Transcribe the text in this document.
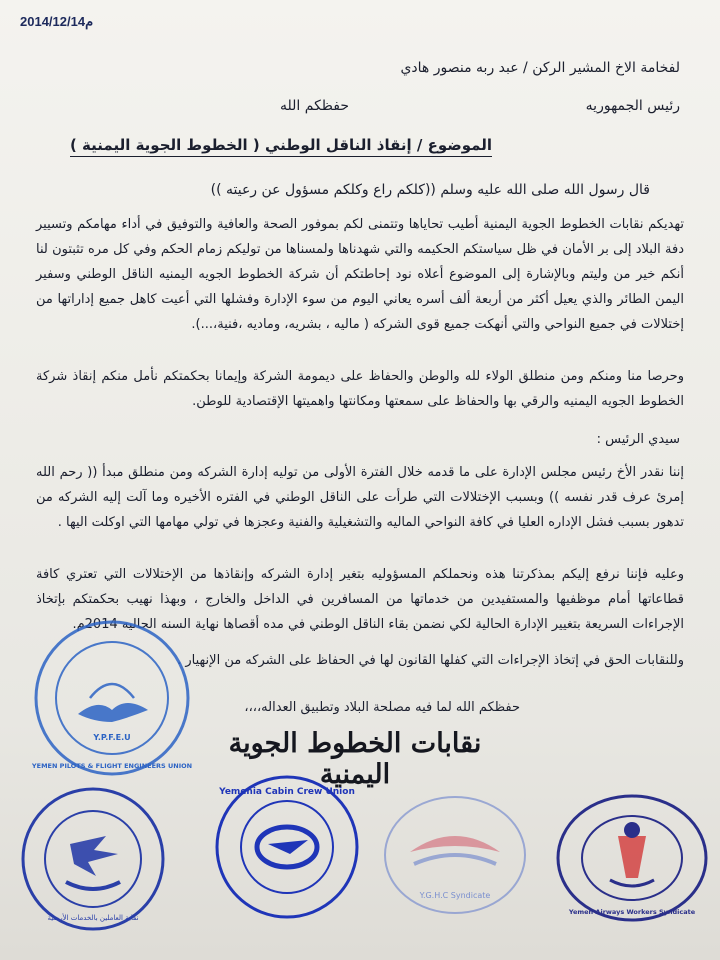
2014/12/14م
لفخامة الاخ المشير الركن / عبد ربه منصور هادي
رئيس الجمهوريه
حفظكم الله
الموضوع / إنقاذ الناقل الوطني ( الخطوط الجوية اليمنية )
قال رسول الله صلى الله عليه وسلم ((كلكم راع وكلكم مسؤول عن رعيته ))
تهديكم نقابات الخطوط الجوية اليمنية أطيب تحاياها وتتمنى لكم بموفور الصحة والعافية والتوفيق في أداء مهامكم وتسيير دفة البلاد إلى بر الأمان في ظل سياستكم الحكيمه والتي شهدناها ولمسناها من توليكم زمام الحكم وفي كل مره تثبتون لنا أنكم خير من وليتم وبالإشارة إلى الموضوع أعلاه نود إحاطتكم أن شركة الخطوط الجويه اليمنيه الناقل الوطني وسفير اليمن الطائر والذي يعيل أكثر من أربعة ألف أسره يعاني اليوم من سوء الإدارة وفشلها التي أعيت كاهل جميع إداراتها من إختلالات في جميع النواحي والتي أنهكت جميع قوى الشركه ( ماليه ، بشريه، وماديه ،فنية،...).
وحرصا منا ومنكم ومن منطلق الولاء لله والوطن والحفاظ على ديمومة الشركة وإيمانا بحكمتكم نأمل منكم إنقاذ شركة الخطوط الجويه اليمنيه والرقي بها والحفاظ على سمعتها ومكانتها واهميتها الإقتصادية للوطن.
سيدي الرئيس :
إننا نقدر الأخ رئيس مجلس الإدارة على ما قدمه خلال الفترة الأولى من توليه إدارة الشركه ومن منطلق مبدأ (( رحم الله إمرئ عرف قدر نفسه )) وبسبب الإختلالات التي طرأت على الناقل الوطني في الفتره الأخيره وما آلت إليه الشركه من تدهور بسبب فشل الإداره العليا في كافة النواحي الماليه والتشغيلية والفنية وعجزها في تولي مهامها التي اوكلت اليها .
وعليه فإننا نرفع إليكم بمذكرتنا هذه ونحملكم المسؤوليه بتغير إدارة الشركه وإنقاذها من الإختلالات التي تعتري كافة قطاعاتها أمام موظفيها والمستفيدين من خدماتها من المسافرين في الداخل والخارج ، وبهذا نهيب بحكمتكم بإتخاذ الإجراءات السريعة بتغيير الإدارة الحالية لكي نضمن بقاء الناقل الوطني في مده أقصاها نهاية السنه الحاليه 2014م.
وللنقابات الحق في إتخاذ الإجراءات التي كفلها القانون لها في الحفاظ على الشركه من الإنهيار .
حفظكم الله لما فيه مصلحة البلاد وتطبيق العداله،،،،
نقابات الخطوط الجوية اليمنية
Y.P.F.E.U
YEMEN PILOTS & FLIGHT ENGINEERS UNION
نقابة العاملين بالخدمات الأرضية
Yemenia Cabin Crew Union
Y.G.H.C Syndicate
Yemen Airways Workers Syndicate
